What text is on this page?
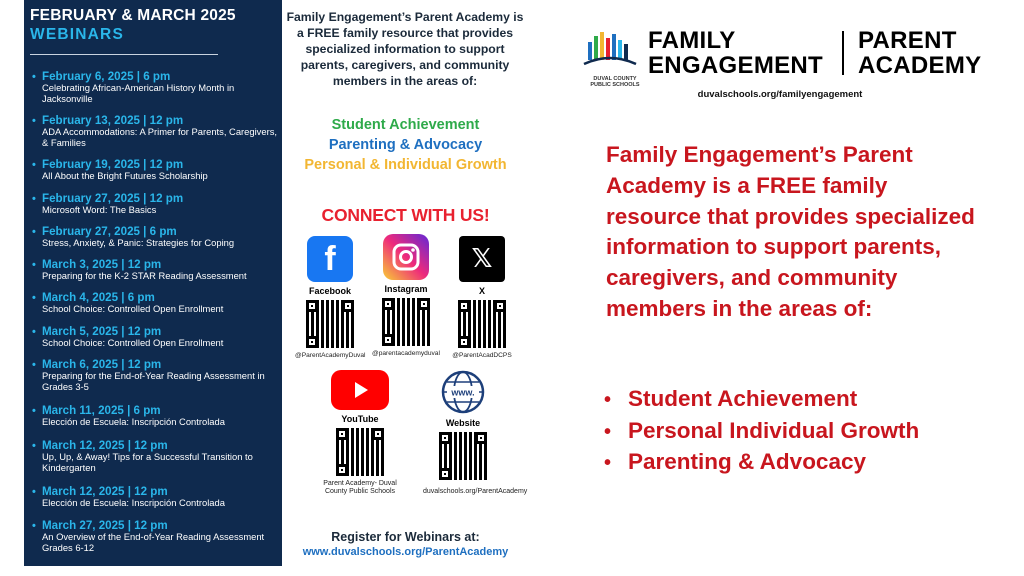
FEBRUARY & MARCH 2025
WEBINARS
• February 6, 2025 | 6 pm
Celebrating African-American History Month in Jacksonville
• February 13, 2025 | 12 pm
ADA Accommodations: A Primer for Parents, Caregivers, & Families
• February 19, 2025 | 12 pm
All About the Bright Futures Scholarship
• February 27, 2025 | 12 pm
Microsoft Word: The Basics
• February 27, 2025 | 6 pm
Stress, Anxiety, & Panic: Strategies for Coping
• March 3, 2025 | 12 pm
Preparing for the K-2 STAR Reading Assessment
• March 4, 2025 | 6 pm
School Choice: Controlled Open Enrollment
• March 5, 2025 | 12 pm
School Choice: Controlled Open Enrollment
• March 6, 2025 | 12 pm
Preparing for the End-of-Year Reading Assessment in Grades 3-5
• March 11, 2025 | 6 pm
Elección de Escuela: Inscripción Controlada
• March 12, 2025 | 12 pm
Up, Up, & Away! Tips for a Successful Transition to Kindergarten
• March 12, 2025 | 12 pm
Elección de Escuela: Inscripción Controlada
• March 27, 2025 | 12 pm
An Overview of the End-of-Year Reading Assessment Grades 6-12
Family Engagement’s Parent Academy is a FREE family resource that provides specialized information to support parents, caregivers, and community members in the areas of:
Student Achievement
Parenting & Advocacy
Personal & Individual Growth
CONNECT WITH US!
f
Facebook
@ParentAcademyDuval
Instagram
@parentacademyduval
𝕏
X
@ParentAcadDCPS
YouTube
Parent Academy- Duval County Public Schools
www.
Website
duvalschools.org/ParentAcademy
Register for Webinars at:
www.duvalschools.org/ParentAcademy
DUVAL COUNTY PUBLIC SCHOOLS
FAMILY
ENGAGEMENT
PARENT
ACADEMY
duvalschools.org/familyengagement
Family Engagement’s Parent Academy is a FREE family resource that provides specialized information to support parents, caregivers, and community members in the areas of:
• Student Achievement
• Personal Individual Growth
• Parenting & Advocacy
